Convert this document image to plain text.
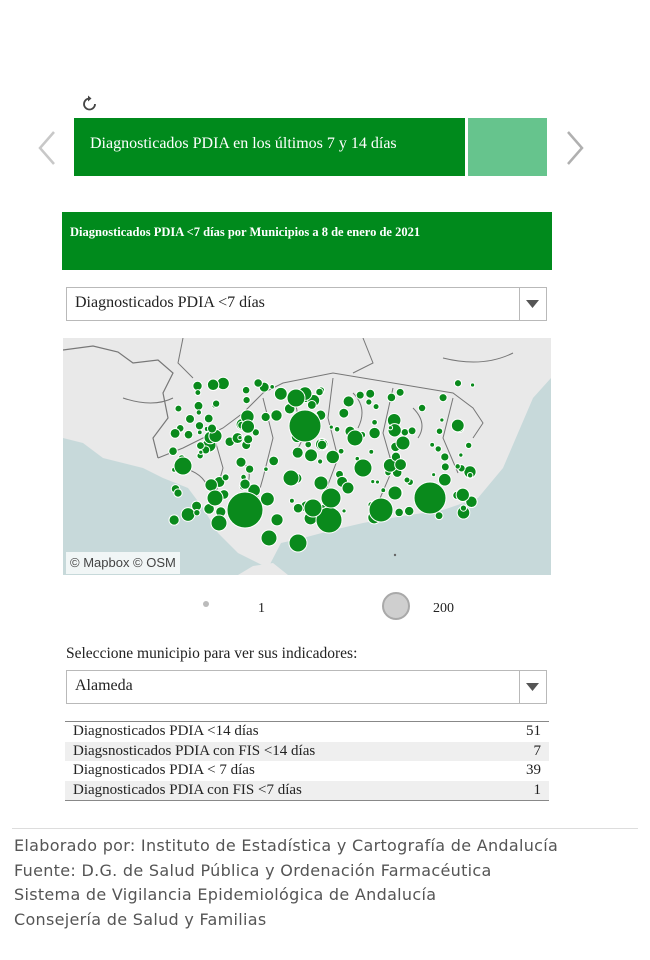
Diagnosticados PDIA en los últimos 7 y 14 días
Diagnosticados PDIA <7 días por Municipios a 8 de enero de 2021
Diagnosticados PDIA <7 días
© Mapbox © OSM
1	200
Seleccione municipio para ver sus indicadores:
Alameda
Diagnosticados PDIA <14 días	51
Diagsnosticados PDIA con FIS <14 días	7
Diagnosticados PDIA < 7 días	39
Diagnosticados PDIA con FIS <7 días	1
Elaborado por: Instituto de Estadística y Cartografía de Andalucía
Fuente: D.G. de Salud Pública y Ordenación Farmacéutica
Sistema de Vigilancia Epidemiológica de Andalucía
Consejería de Salud y Familias
